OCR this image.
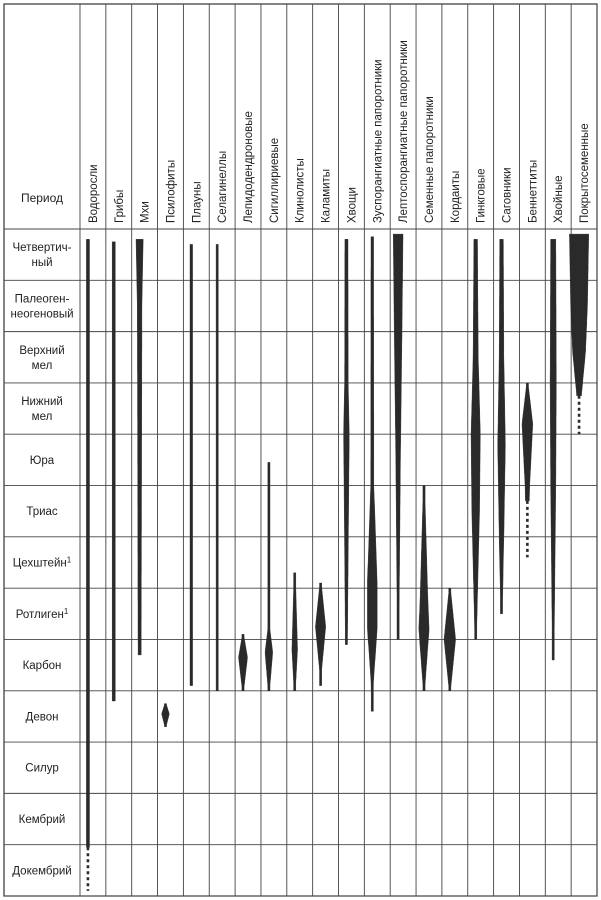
Период Водоросли Грибы Мхи Псилофиты Плауны Селагинеллы Лепидодендроновые Сигиллириевые Клинолисты Каламиты Хвощи Зуспорангиатные папоротники Лептоспорангиатные папоротники Семенные папоротники Кордаиты Гинкговые Саговники Беннеттиты Хвойные Покрытосеменные
Четвертич-
ный
Палеоген-
неогеновый
Верхний
мел
Нижний
мел
Юра
Триас
Цехштейн$^1$
Ротлиген$^1$
Карбон
Девон
Силур
Кембрий
Докембрий
